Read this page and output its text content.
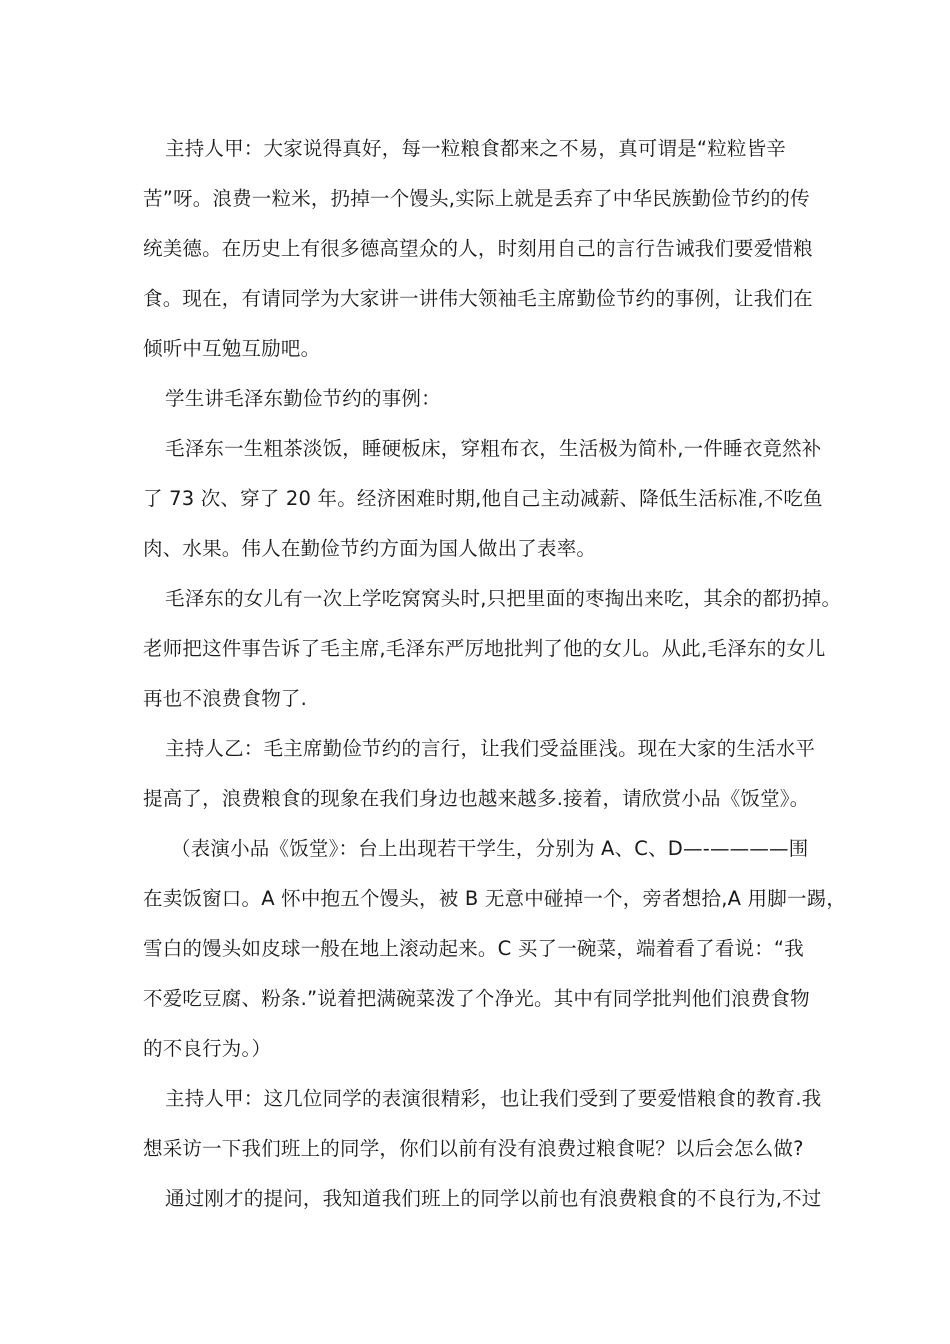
主持人甲：大家说得真好，每一粒粮食都来之不易，真可谓是“粒粒皆辛
苦”呀。浪费一粒米，扔掉一个馒头,实际上就是丢弃了中华民族勤俭节约的传
统美德。在历史上有很多德高望众的人，时刻用自己的言行告诫我们要爱惜粮
食。现在，有请同学为大家讲一讲伟大领袖毛主席勤俭节约的事例，让我们在
倾听中互勉互励吧。

学生讲毛泽东勤俭节约的事例：

毛泽东一生粗茶淡饭，睡硬板床，穿粗布衣，生活极为简朴,一件睡衣竟然补
了 73 次、穿了 20 年。经济困难时期,他自己主动减薪、降低生活标准,不吃鱼
肉、水果。伟人在勤俭节约方面为国人做出了表率。

毛泽东的女儿有一次上学吃窝窝头时,只把里面的枣掏出来吃，其余的都扔掉。
老师把这件事告诉了毛主席,毛泽东严厉地批判了他的女儿。从此,毛泽东的女儿
再也不浪费食物了.

主持人乙：毛主席勤俭节约的言行，让我们受益匪浅。现在大家的生活水平
提高了，浪费粮食的现象在我们身边也越来越多.接着，请欣赏小品《饭堂》。

（表演小品《饭堂》：台上出现若干学生，分别为 A、C、D—-————围
在卖饭窗口。A 怀中抱五个馒头，被 B 无意中碰掉一个，旁者想拾,A 用脚一踢，
雪白的馒头如皮球一般在地上滚动起来。C 买了一碗菜，端着看了看说：“我
不爱吃豆腐、粉条.”说着把满碗菜泼了个净光。其中有同学批判他们浪费食物
的不良行为。）

主持人甲：这几位同学的表演很精彩，也让我们受到了要爱惜粮食的教育.我
想采访一下我们班上的同学，你们以前有没有浪费过粮食呢？以后会怎么做?

通过刚才的提问，我知道我们班上的同学以前也有浪费粮食的不良行为,不过
